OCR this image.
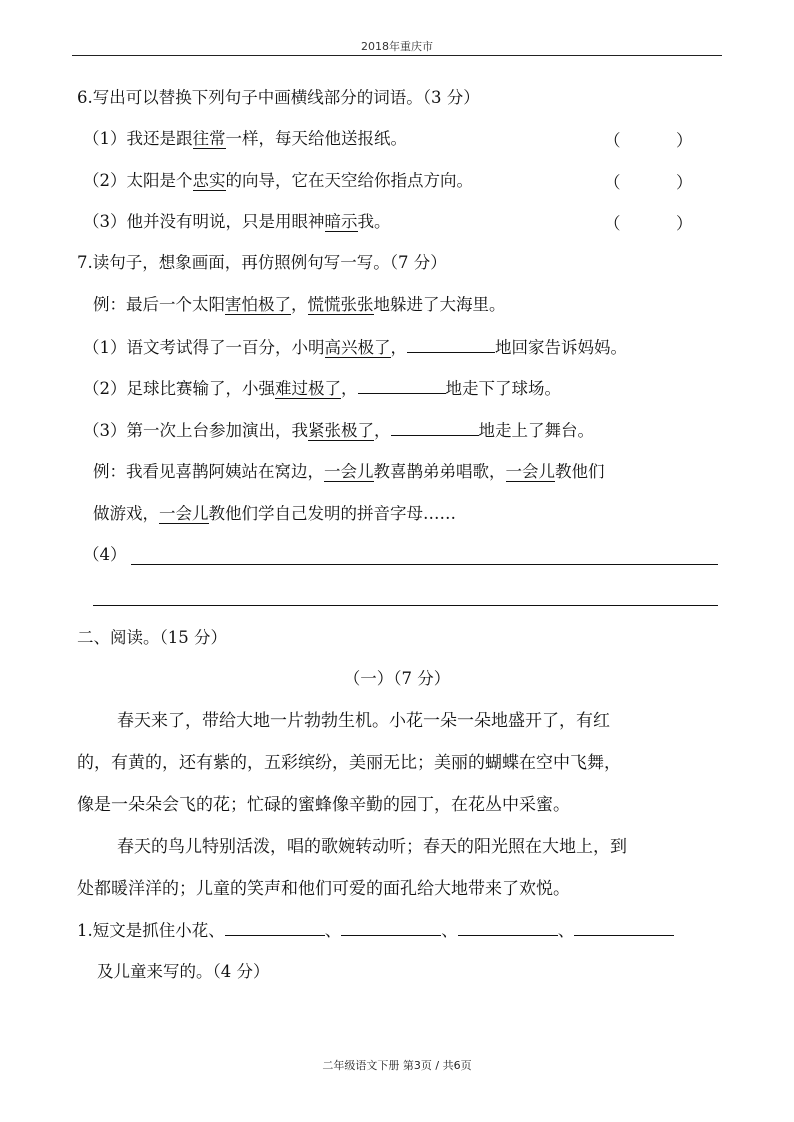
2018年重庆市
6.写出可以替换下列句子中画横线部分的词语。（3 分）
（1）我还是跟往常一样，每天给他送报纸。	（	）
（2）太阳是个忠实的向导，它在天空给你指点方向。	（	）
（3）他并没有明说，只是用眼神暗示我。	（	）
7.读句子，想象画面，再仿照例句写一写。（7 分）
例：最后一个太阳害怕极了，慌慌张张地躲进了大海里。
（1）语文考试得了一百分，小明高兴极了，	地回家告诉妈妈。
（2）足球比赛输了，小强难过极了，	地走下了球场。
（3）第一次上台参加演出，我紧张极了，	地走上了舞台。
例：我看见喜鹊阿姨站在窝边，一会儿教喜鹊弟弟唱歌，一会儿教他们
做游戏，一会儿教他们学自己发明的拼音字母……
（4）
二、阅读。（15 分）
（一）（7 分）
春天来了，带给大地一片勃勃生机。小花一朵一朵地盛开了，有红
的，有黄的，还有紫的，五彩缤纷，美丽无比；美丽的蝴蝶在空中飞舞，
像是一朵朵会飞的花；忙碌的蜜蜂像辛勤的园丁，在花丛中采蜜。
春天的鸟儿特别活泼，唱的歌婉转动听；春天的阳光照在大地上，到
处都暖洋洋的；儿童的笑声和他们可爱的面孔给大地带来了欢悦。
1.短文是抓住小花、	、	、	、
及儿童来写的。（4 分）
二年级语文下册 第3页 / 共6页
